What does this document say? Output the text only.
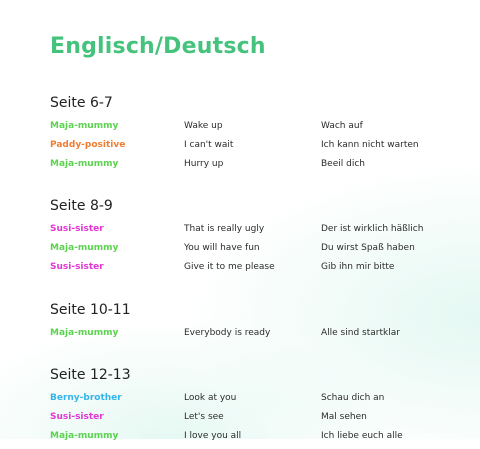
Englisch/Deutsch
Seite 6-7
Maja-mummy	Wake up	Wach auf
Paddy-positive	I can't wait	Ich kann nicht warten
Maja-mummy	Hurry up	Beeil dich
Seite 8-9
Susi-sister	That is really ugly	Der ist wirklich häßlich
Maja-mummy	You will have fun	Du wirst Spaß haben
Susi-sister	Give it to me please	Gib ihn mir bitte
Seite 10-11
Maja-mummy	Everybody is ready	Alle sind startklar
Seite 12-13
Berny-brother	Look at you	Schau dich an
Susi-sister	Let's see	Mal sehen
Maja-mummy	I love you all	Ich liebe euch alle
